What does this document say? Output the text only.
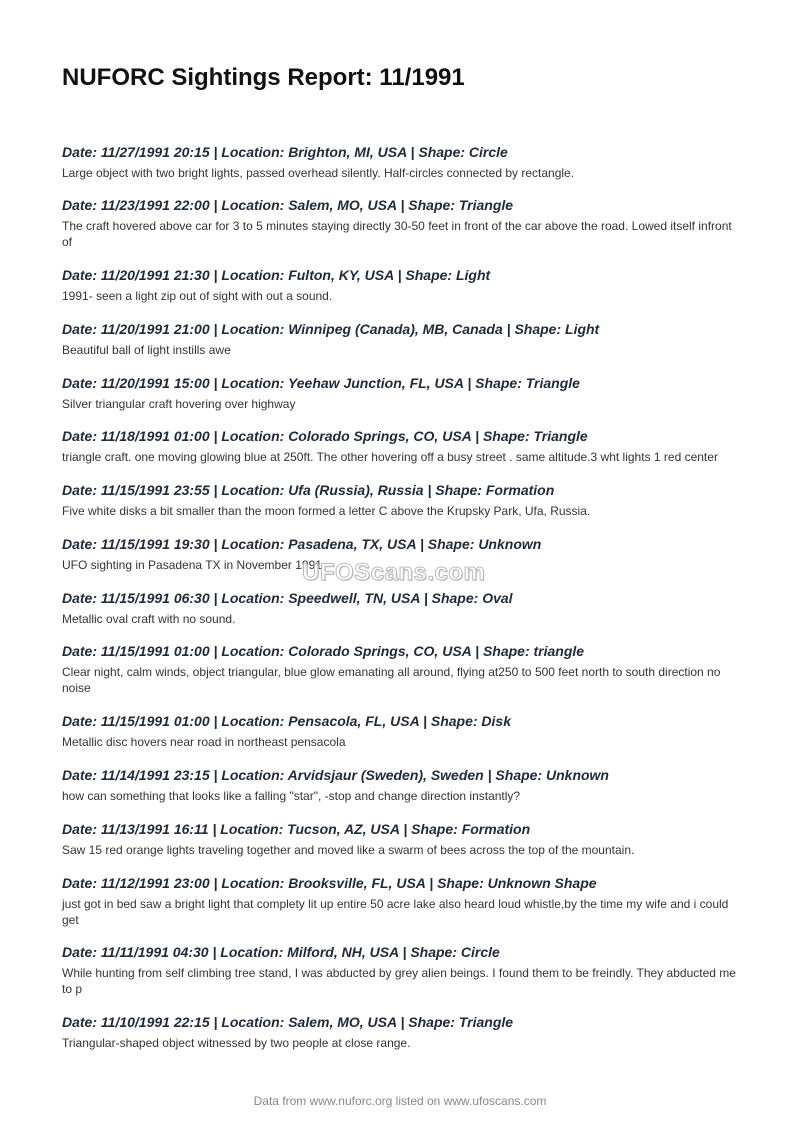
NUFORC Sightings Report: 11/1991
Date: 11/27/1991 20:15 | Location: Brighton, MI, USA | Shape: Circle
Large object with two bright lights, passed overhead silently. Half-circles connected by rectangle.
Date: 11/23/1991 22:00 | Location: Salem, MO, USA | Shape: Triangle
The craft hovered above car for 3 to 5 minutes staying directly 30-50 feet in front of the car above the road. Lowed itself infront of
Date: 11/20/1991 21:30 | Location: Fulton, KY, USA | Shape: Light
1991- seen a light zip out of sight with out a sound.
Date: 11/20/1991 21:00 | Location: Winnipeg (Canada), MB, Canada | Shape: Light
Beautiful ball of light instills awe
Date: 11/20/1991 15:00 | Location: Yeehaw Junction, FL, USA | Shape: Triangle
Silver triangular craft hovering over highway
Date: 11/18/1991 01:00 | Location: Colorado Springs, CO, USA | Shape: Triangle
triangle craft. one moving glowing blue at 250ft. The other hovering off a busy street . same altitude.3 wht lights 1 red center
Date: 11/15/1991 23:55 | Location: Ufa (Russia), Russia | Shape: Formation
Five white disks a bit smaller than the moon formed a letter C above the Krupsky Park, Ufa, Russia.
Date: 11/15/1991 19:30 | Location: Pasadena, TX, USA | Shape: Unknown
UFO sighting in Pasadena TX in November 1991
Date: 11/15/1991 06:30 | Location: Speedwell, TN, USA | Shape: Oval
Metallic oval craft with no sound.
Date: 11/15/1991 01:00 | Location: Colorado Springs, CO, USA | Shape: triangle
Clear night, calm winds, object triangular, blue glow emanating all around, flying at250 to 500 feet north to south direction no noise
Date: 11/15/1991 01:00 | Location: Pensacola, FL, USA | Shape: Disk
Metallic disc hovers near road in northeast pensacola
Date: 11/14/1991 23:15 | Location: Arvidsjaur (Sweden), Sweden | Shape: Unknown
how can something that looks like a falling "star", -stop and change direction instantly?
Date: 11/13/1991 16:11 | Location: Tucson, AZ, USA | Shape: Formation
Saw 15 red orange lights traveling together and moved like a swarm of bees across the top of the mountain.
Date: 11/12/1991 23:00 | Location: Brooksville, FL, USA | Shape: Unknown Shape
just got in bed saw a bright light that complety lit up entire 50 acre lake also heard loud whistle,by the time my wife and i could get
Date: 11/11/1991 04:30 | Location: Milford, NH, USA | Shape: Circle
While hunting from self climbing tree stand, I was abducted by grey alien beings. I found them to be freindly. They abducted me to p
Date: 11/10/1991 22:15 | Location: Salem, MO, USA | Shape: Triangle
Triangular-shaped object witnessed by two people at close range.
UFOScans.com
Data from www.nuforc.org listed on www.ufoscans.com
